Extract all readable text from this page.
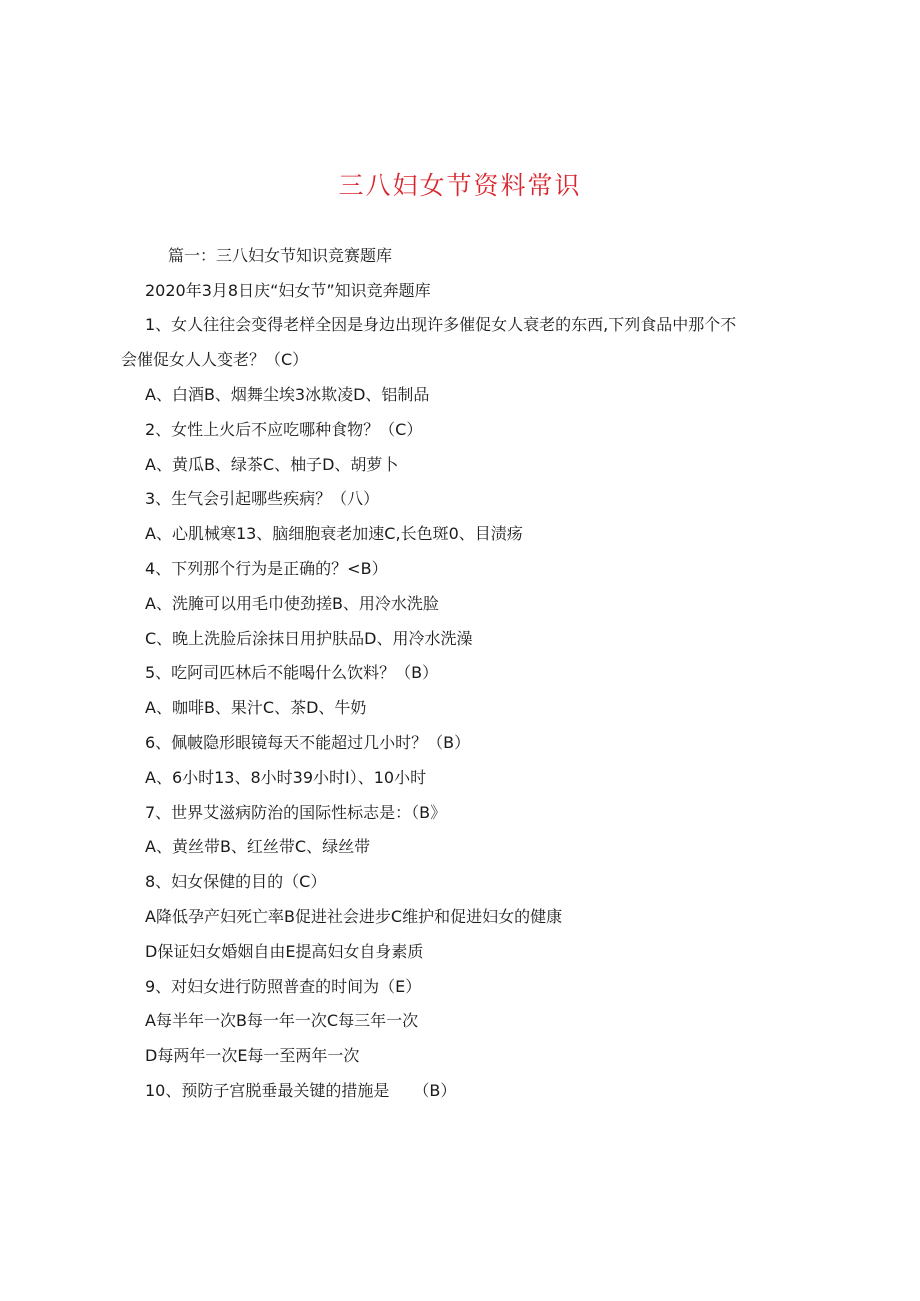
三八妇女节资料常识

篇一：三八妇女节知识竞赛题库

2020年3月8日庆“妇女节”知识竞奔题库

1、女人往往会变得老样全因是身边出现许多催促女人衰老的东西,下列食品中那个不

会催促女人人变老？（C）

A、白酒B、烟舞尘埃3冰欺凌D、铝制品

2、女性上火后不应吃哪种食物？（C）

A、黄瓜B、绿茶C、柚子D、胡萝卜

3、生气会引起哪些疾病？（八）

A、心肌械寒13、脑细胞衰老加速C,长色斑0、目渍疡

4、下列那个行为是正确的？<B）

A、洗腌可以用毛巾使劲搓B、用冷水洗脸

C、晚上洗脸后涂抹日用护肤品D、用冷水洗澡

5、吃阿司匹林后不能喝什么饮料？（B）

A、咖啡B、果汁C、茶D、牛奶

6、佩帔隐形眼镜每天不能超过几小时？（B）

A、6小时13、8小时39小时I）、10小时

7、世界艾滋病防治的国际性标志是：（B》

A、黄丝带B、红丝带C、绿丝带

8、妇女保健的目的（C）

A降低孕产妇死亡率B促进社会进步C维护和促进妇女的健康

D保证妇女婚姻自由E提高妇女自身素质

9、对妇女进行防照普查的时间为（E）

A每半年一次B每一年一次C每三年一次

D每两年一次E每一至两年一次

10、预防子宫脱垂最关键的措施是　　（B）
